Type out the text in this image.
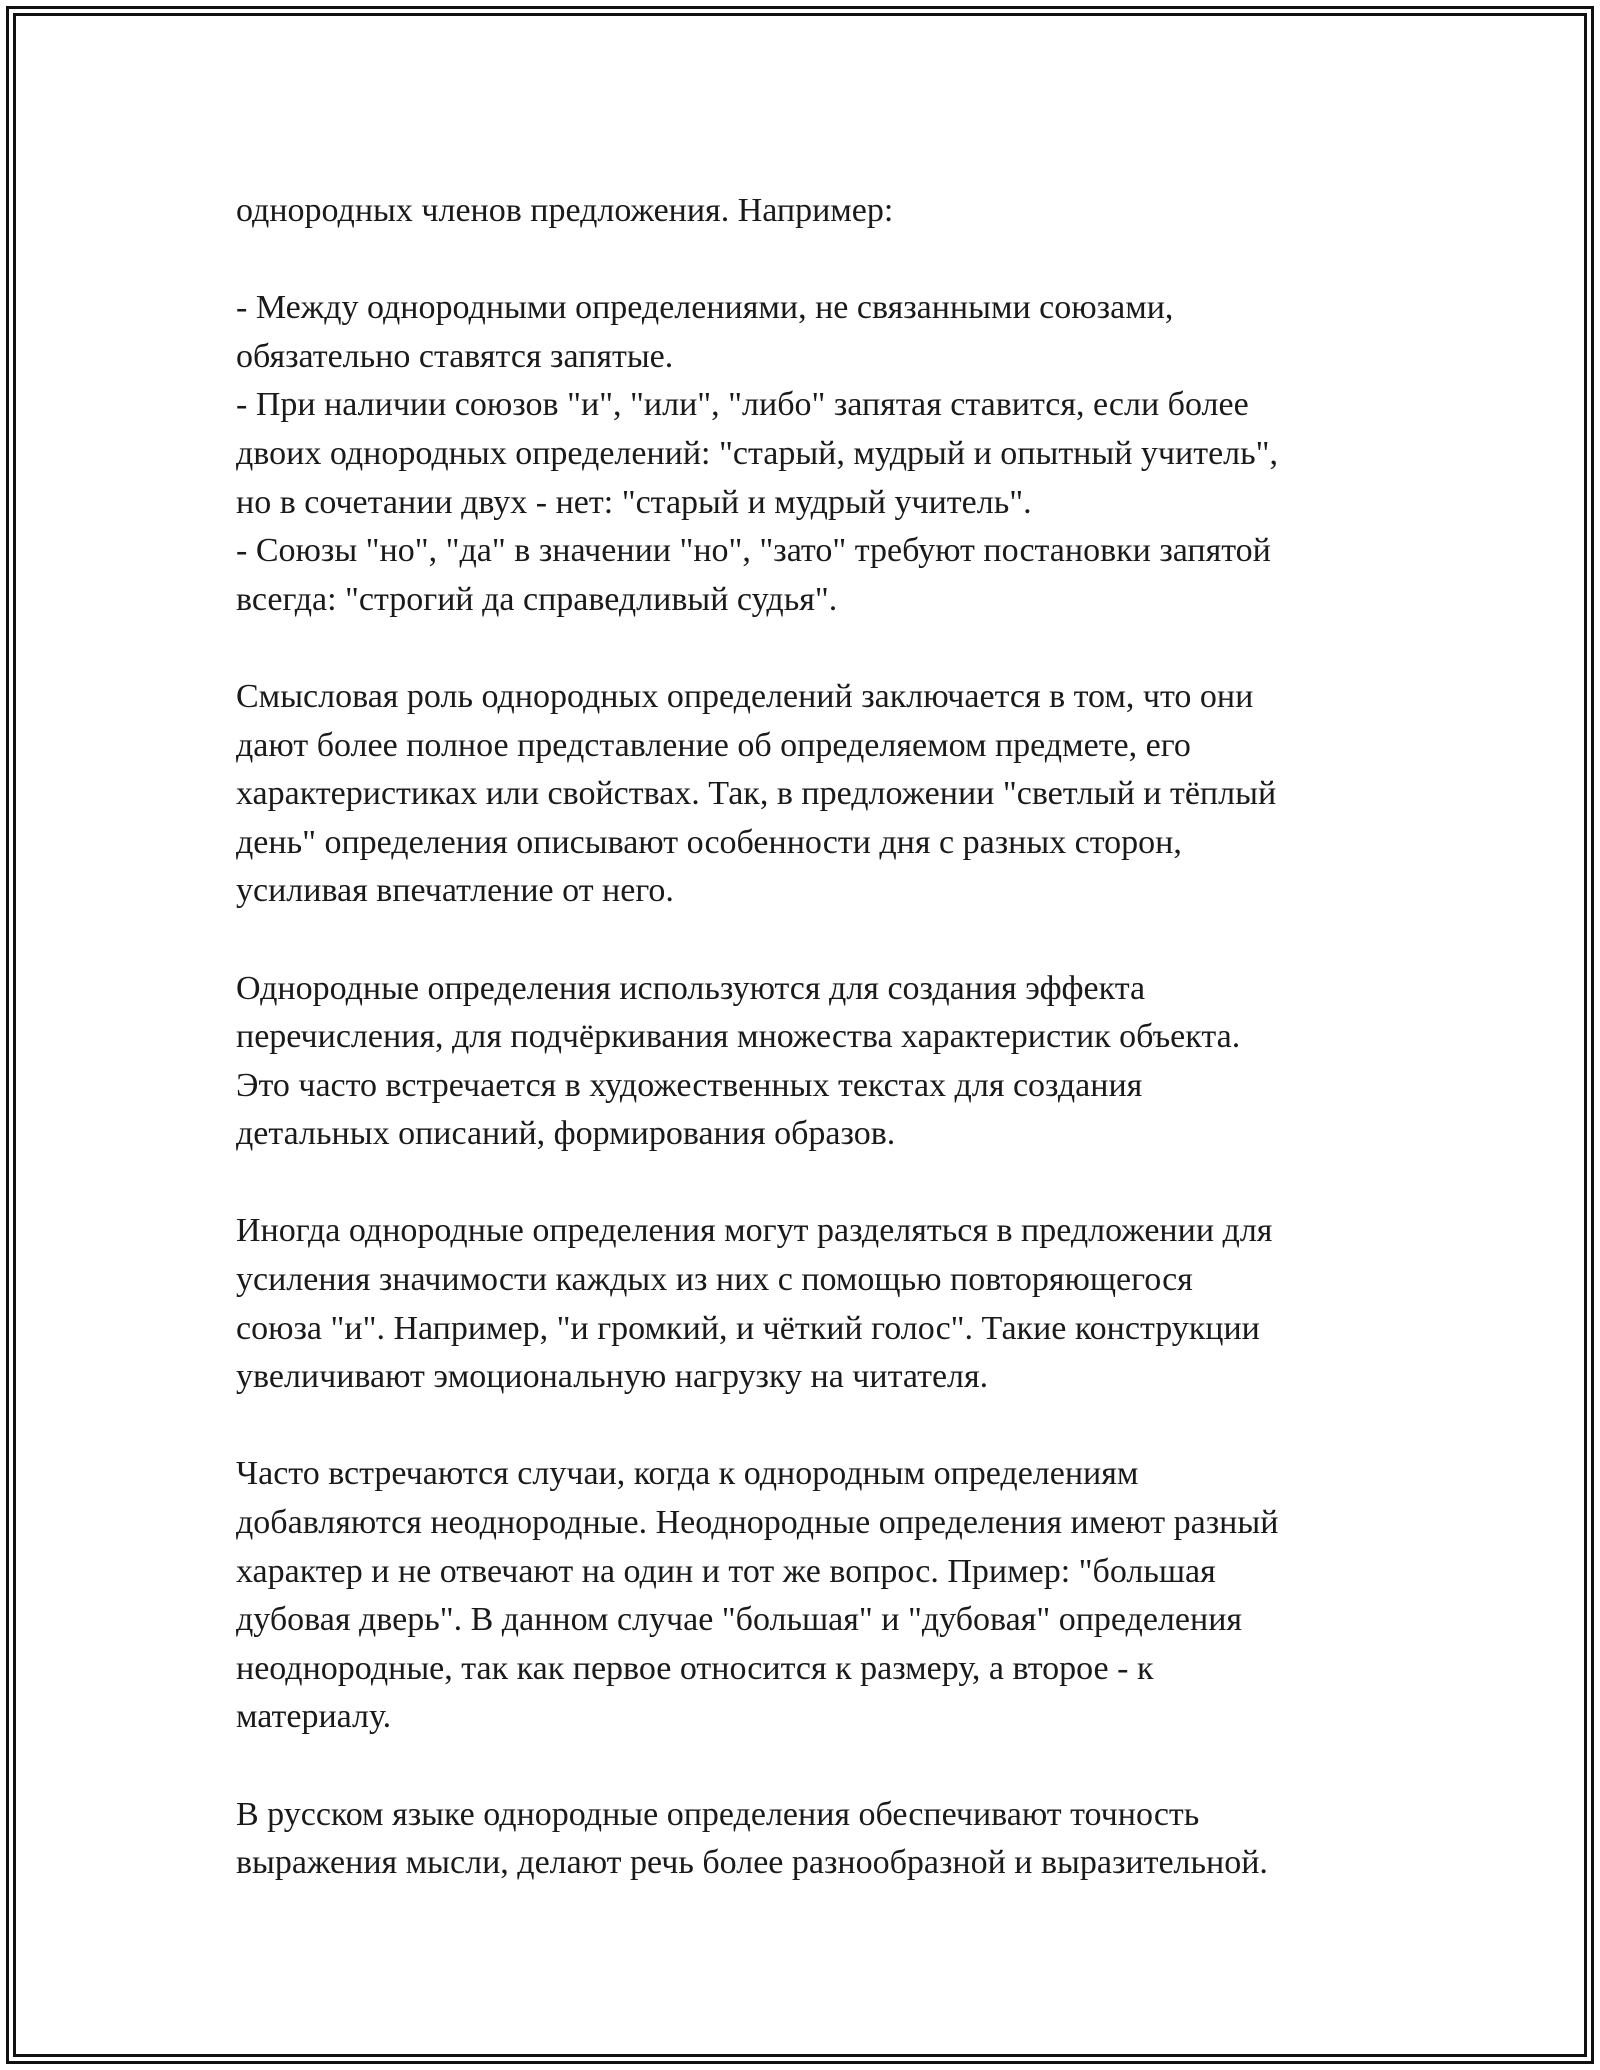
однородных членов предложения. Например:
- Между однородными определениями, не связанными союзами,
обязательно ставятся запятые.
- При наличии союзов "и", "или", "либо" запятая ставится, если более
двоих однородных определений: "старый, мудрый и опытный учитель",
но в сочетании двух - нет: "старый и мудрый учитель".
- Союзы "но", "да" в значении "но", "зато" требуют постановки запятой
всегда: "строгий да справедливый судья".
Смысловая роль однородных определений заключается в том, что они
дают более полное представление об определяемом предмете, его
характеристиках или свойствах. Так, в предложении "светлый и тёплый
день" определения описывают особенности дня с разных сторон,
усиливая впечатление от него.
Однородные определения используются для создания эффекта
перечисления, для подчёркивания множества характеристик объекта.
Это часто встречается в художественных текстах для создания
детальных описаний, формирования образов.
Иногда однородные определения могут разделяться в предложении для
усиления значимости каждых из них с помощью повторяющегося
союза "и". Например, "и громкий, и чёткий голос". Такие конструкции
увеличивают эмоциональную нагрузку на читателя.
Часто встречаются случаи, когда к однородным определениям
добавляются неоднородные. Неоднородные определения имеют разный
характер и не отвечают на один и тот же вопрос. Пример: "большая
дубовая дверь". В данном случае "большая" и "дубовая" определения
неоднородные, так как первое относится к размеру, а второе - к
материалу.
В русском языке однородные определения обеспечивают точность
выражения мысли, делают речь более разнообразной и выразительной.
